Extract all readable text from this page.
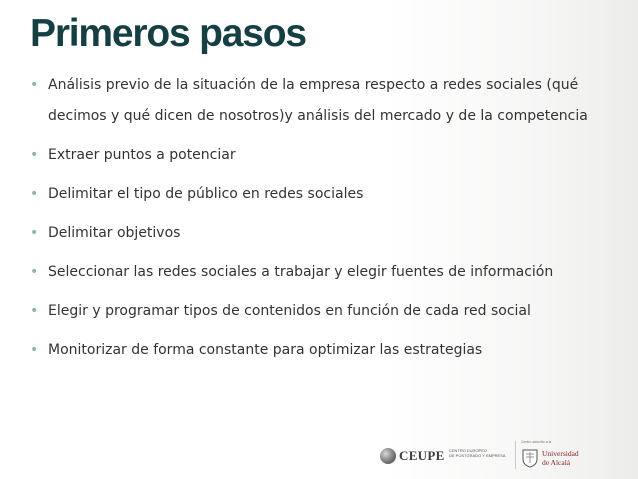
Primeros pasos
• Análisis previo de la situación de la empresa respecto a redes sociales (qué decimos y qué dicen de nosotros)y análisis del mercado y de la competencia
• Extraer puntos a potenciar
• Delimitar el tipo de público en redes sociales
• Delimitar objetivos
• Seleccionar las redes sociales a trabajar y elegir fuentes de información
• Elegir y programar tipos de contenidos en función de cada red social
• Monitorizar de forma constante para optimizar las estrategias
CEUPE CENTRO EUROPEO
DE POSTGRADO Y EMPRESA
Centro adscrito a la
Universidad
de Alcalá
